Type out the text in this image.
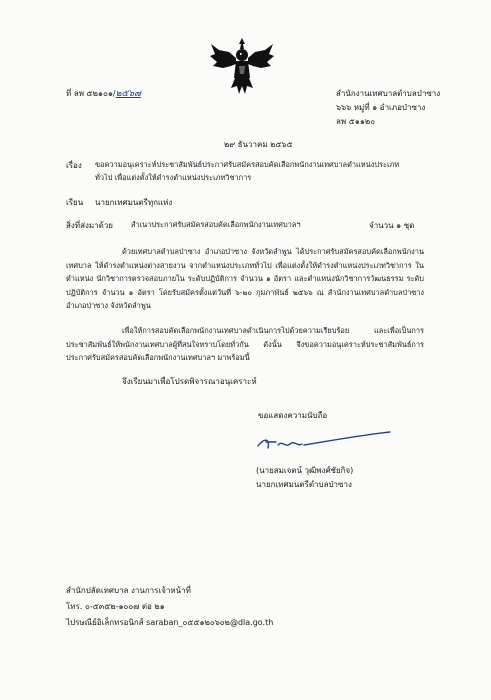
ที่ ลพ ๕๒๑๐๑/๒๕๖๗	สำนักงานเทศบาลตำบลป่าซาง
๖๖๖ หมู่ที่ ๑ อำเภอป่าซาง
ลพ ๕๑๑๒๐
๒๙ ธันวาคม ๒๕๖๕
เรื่อง ขอความอนุเคราะห์ประชาสัมพันธ์ประกาศรับสมัครสอบคัดเลือกพนักงานเทศบาลตำแหน่งประเภท
ทั่วไป เพื่อแต่งตั้งให้ดำรงตำแหน่งประเภทวิชาการ
เรียน นายกเทศมนตรีทุกแห่ง
สิ่งที่ส่งมาด้วย สำเนาประกาศรับสมัครสอบคัดเลือกพนักงานเทศบาลฯ	จำนวน ๑ ชุด
ด้วยเทศบาลตำบลป่าซาง อำเภอป่าซาง จังหวัดลำพูน ได้ประกาศรับสมัครสอบคัดเลือกพนักงานเทศบาล ให้ดำรงตำแหน่งต่างสายงาน จากตำแหน่งประเภททั่วไป เพื่อแต่งตั้งให้ดำรงตำแหน่งประเภทวิชาการ ในตำแหน่ง นักวิชาการตรวจสอบภายใน ระดับปฏิบัติการ จำนวน ๑ อัตรา และตำแหน่งนักวิชาการวัฒนธรรม ระดับปฏิบัติการ จำนวน ๑ อัตรา โดยรับสมัครตั้งแต่วันที่ ๖-๒๐ กุมภาพันธ์ ๒๕๖๖ ณ สำนักงานเทศบาลตำบลป่าซาง อำเภอป่าซาง จังหวัดลำพูน
เพื่อให้การสอบคัดเลือกพนักงานเทศบาลดำเนินการไปด้วยความเรียบร้อย และเพื่อเป็นการประชาสัมพันธ์ให้พนักงานเทศบาลผู้ที่สนใจทราบโดยทั่วกัน ดังนั้น จึงขอความอนุเคราะห์ประชาสัมพันธ์การประกาศรับสมัครสอบคัดเลือกพนักงานเทศบาลฯ มาพร้อมนี้
จึงเรียนมาเพื่อโปรดพิจารณาอนุเคราะห์
ขอแสดงความนับถือ
(นายสมเจตน์ วุฒิพงศ์ชัยกิจ)
นายกเทศมนตรีตำบลป่าซาง
สำนักปลัดเทศบาล งานการเจ้าหน้าที่
โทร. ๐-๕๓๕๒-๑๐๐๗ ต่อ ๒๑
ไปรษณีย์อิเล็กทรอนิกส์ saraban_๐๕๕๑๒๐๖๐๒@dla.go.th
